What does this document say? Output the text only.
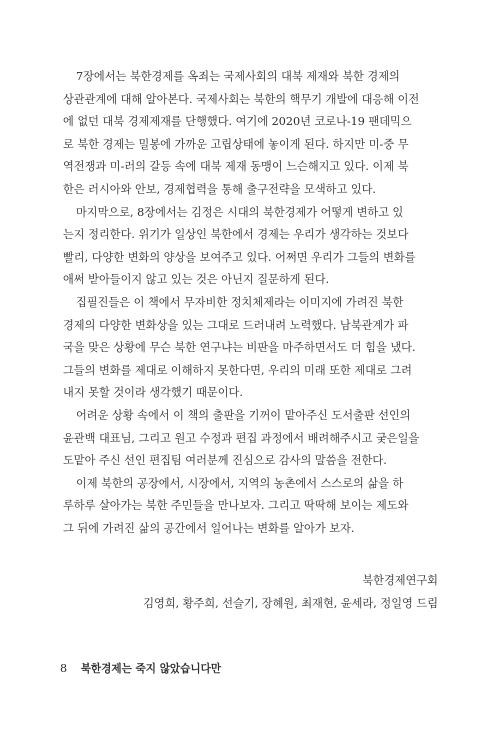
7장에서는 북한경제를 옥죄는 국제사회의 대북 제재와 북한 경제의
상관관계에 대해 알아본다. 국제사회는 북한의 핵무기 개발에 대응해 이전
에 없던 대북 경제제재를 단행했다. 여기에 2020년 코로나-19 팬데믹으
로 북한 경제는 밀봉에 가까운 고립상태에 놓이게 된다. 하지만 미-중 무
역전쟁과 미-러의 갈등 속에 대북 제재 동맹이 느슨해지고 있다. 이제 북
한은 러시아와 안보, 경제협력을 통해 출구전략을 모색하고 있다.

마지막으로, 8장에서는 김정은 시대의 북한경제가 어떻게 변하고 있
는지 정리한다. 위기가 일상인 북한에서 경제는 우리가 생각하는 것보다
빨리, 다양한 변화의 양상을 보여주고 있다. 어쩌면 우리가 그들의 변화를
애써 받아들이지 않고 있는 것은 아닌지 질문하게 된다.

집필진들은 이 책에서 무자비한 정치체제라는 이미지에 가려진 북한
경제의 다양한 변화상을 있는 그대로 드러내려 노력했다. 남북관계가 파
국을 맞은 상황에 무슨 북한 연구냐는 비판을 마주하면서도 더 힘을 냈다.
그들의 변화를 제대로 이해하지 못한다면, 우리의 미래 또한 제대로 그려
내지 못할 것이라 생각했기 때문이다.

어려운 상황 속에서 이 책의 출판을 기꺼이 맡아주신 도서출판 선인의
윤관백 대표님, 그리고 원고 수정과 편집 과정에서 배려해주시고 궂은일을
도맡아 주신 선인 편집팀 여러분께 진심으로 감사의 말씀을 전한다.

이제 북한의 공장에서, 시장에서, 지역의 농촌에서 스스로의 삶을 하
루하루 살아가는 북한 주민들을 만나보자. 그리고 딱딱해 보이는 제도와
그 뒤에 가려진 삶의 공간에서 일어나는 변화를 알아가 보자.

북한경제연구회
김영희, 황주희, 선슬기, 장혜원, 최재현, 윤세라, 정일영 드림
8 북한경제는 죽지 않았습니다만
